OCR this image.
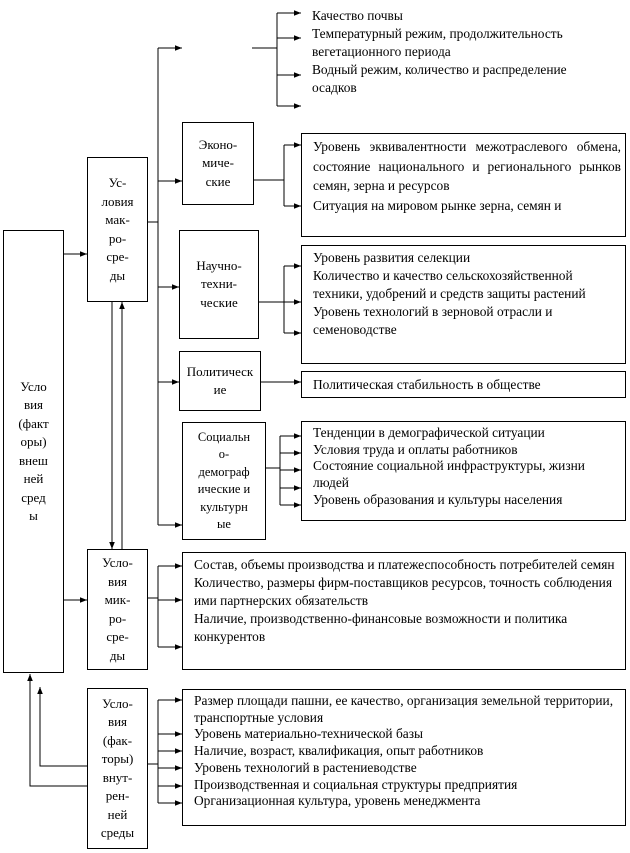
Усло
вия
(факт
оры)
внеш
ней
сред
ы
Ус-
ловия
мак-
ро-
сре-
ды
Усло-
вия
мик-
ро-
сре-
ды
Усло-
вия
(фак-
торы)
внут-
рен-
ней
среды
Эконо-
миче-
ские
Научно-
техни-
ческие
Политическ
ие
Социальн
о-
демограф
ические и
культурн
ые
Качество почвы
Температурный режим, продолжительность вегетационного периода
Водный режим, количество и распределение осадков
Уровень эквивалентности межотраслевого обмена, состояние национального и регионального рынков семян, зерна и ресурсов
Ситуация на мировом рынке зерна, семян и
Уровень развития селекции
Количество и качество сельскохозяйственной техники, удобрений и средств защиты растений
Уровень технологий в зерновой отрасли и семеноводстве
Политическая стабильность в обществе
Тенденции в демографической ситуации
Условия труда и оплаты работников
Состояние социальной инфраструктуры, жизни людей
Уровень образования и культуры населения
Состав, объемы производства и платежеспособность потребителей семян
Количество, размеры фирм-поставщиков ресурсов, точность соблюдения ими партнерских обязательств
Наличие, производственно-финансовые возможности и политика конкурентов
Размер площади пашни, ее качество, организация земельной территории, транспортные условия
Уровень материально-технической базы
Наличие, возраст, квалификация, опыт работников
Уровень технологий в растениеводстве
Производственная и социальная структуры предприятия
Организационная культура, уровень менеджмента
